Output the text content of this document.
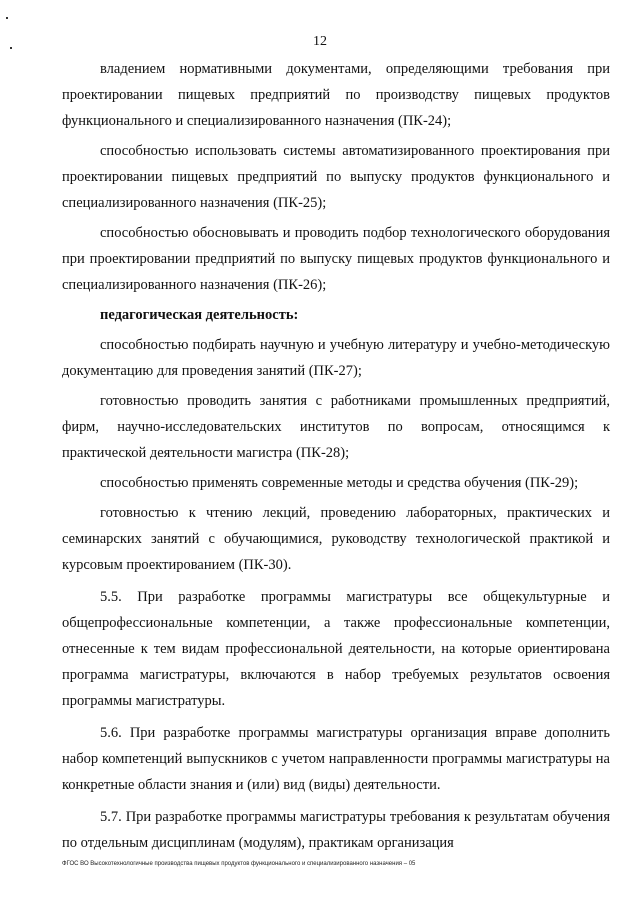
12

владением нормативными документами, определяющими требования при проектировании пищевых предприятий по производству пищевых продуктов функционального и специализированного назначения (ПК-24);

способностью использовать системы автоматизированного проектирования при проектировании пищевых предприятий по выпуску продуктов функционального и специализированного назначения (ПК-25);

способностью обосновывать и проводить подбор технологического оборудования при проектировании предприятий по выпуску пищевых продуктов функционального и специализированного назначения (ПК-26);

педагогическая деятельность:

способностью подбирать научную и учебную литературу и учебно-методическую документацию для проведения занятий (ПК-27);

готовностью проводить занятия с работниками промышленных предприятий, фирм, научно-исследовательских институтов по вопросам, относящимся к практической деятельности магистра (ПК-28);

способностью применять современные методы и средства обучения (ПК-29);

готовностью к чтению лекций, проведению лабораторных, практических и семинарских занятий с обучающимися, руководству технологической практикой и курсовым проектированием (ПК-30).

5.5. При разработке программы магистратуры все общекультурные и общепрофессиональные компетенции, а также профессиональные компетенции, отнесенные к тем видам профессиональной деятельности, на которые ориентирована программа магистратуры, включаются в набор требуемых результатов освоения программы магистратуры.

5.6. При разработке программы магистратуры организация вправе дополнить набор компетенций выпускников с учетом направленности программы магистратуры на конкретные области знания и (или) вид (виды) деятельности.

5.7. При разработке программы магистратуры требования к результатам обучения по отдельным дисциплинам (модулям), практикам организация

ФГОС ВО Высокотехнологичные производства пищевых продуктов функционального и специализированного назначения – 05
